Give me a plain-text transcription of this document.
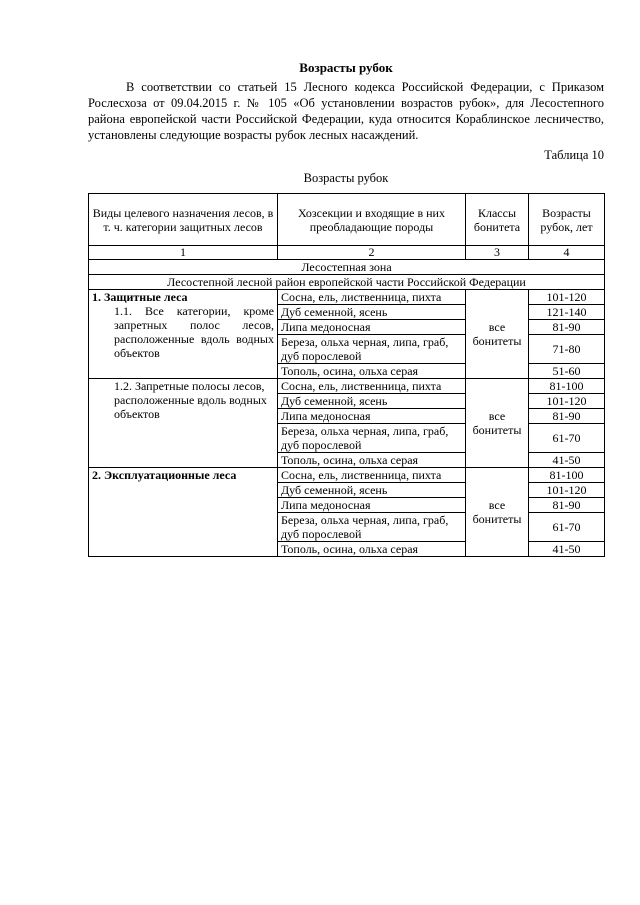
Возрасты рубок

В соответствии со статьей 15 Лесного кодекса Российской Федерации, с Приказом Рослесхоза от 09.04.2015 г. № 105 «Об установлении возрастов рубок», для Лесостепного района европейской части Российской Федерации, куда относится Кораблинское лесничество, установлены следующие возрасты рубок лесных насаждений.

Таблица 10

Возрасты рубок

Виды целевого назначения лесов, в т. ч. категории защитных лесов	Хозсекции и входящие в них преобладающие породы	Классы бонитета	Возрасты рубок, лет
1	2	3	4
Лесостепная зона			
Лесостепной лесной район европейской части Российской Федерации			
1. Защитные леса
1.1. Все категории, кроме запретных полос лесов, расположенные вдоль водных объектов	Сосна, ель, лиственница, пихта	все бонитеты	101-120
	Дуб семенной, ясень		121-140
	Липа медоносная		81-90
	Береза, ольха черная, липа, граб, дуб порослевой		71-80
	Тополь, осина, ольха серая		51-60

1.2. Запретные полосы лесов, расположенные вдоль водных объектов	Сосна, ель, лиственница, пихта	все бонитеты	81-100
	Дуб семенной, ясень		101-120
	Липа медоносная		81-90
	Береза, ольха черная, липа, граб, дуб порослевой		61-70
	Тополь, осина, ольха серая		41-50
2. Эксплуатационные леса	Сосна, ель, лиственница, пихта	все бонитеты	81-100
	Дуб семенной, ясень		101-120
	Липа медоносная		81-90
	Береза, ольха черная, липа, граб, дуб порослевой		61-70
	Тополь, осина, ольха серая		41-50
